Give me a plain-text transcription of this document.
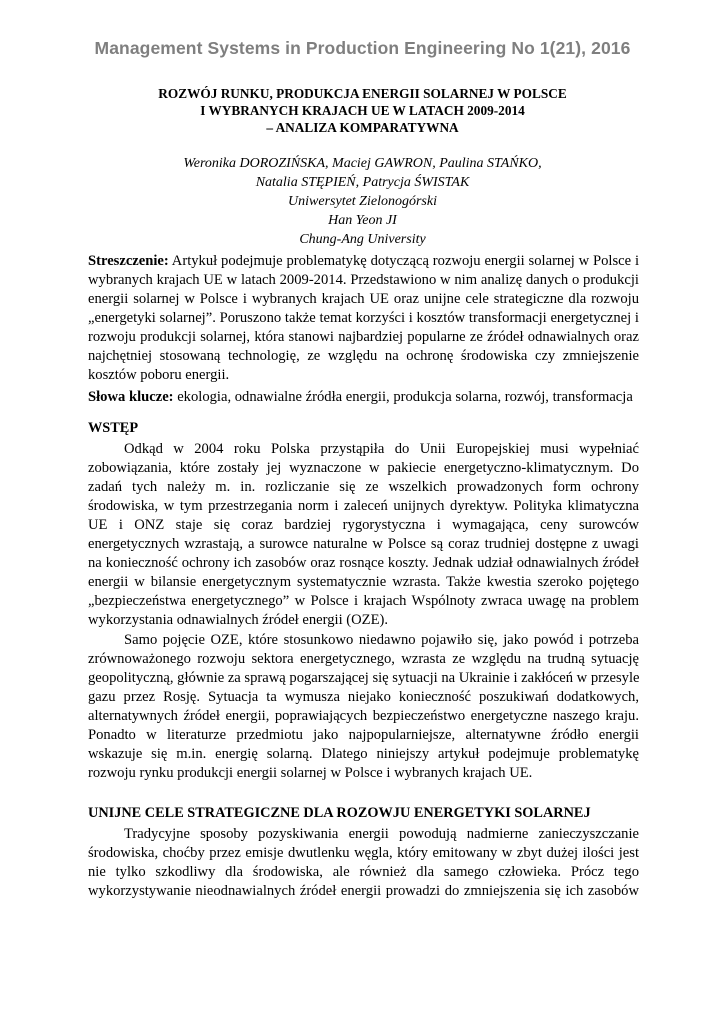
Management Systems in Production Engineering No 1(21), 2016
ROZWÓJ RUNKU, PRODUKCJA ENERGII SOLARNEJ W POLSCE
I WYBRANYCH KRAJACH UE W LATACH 2009-2014
– ANALIZA KOMPARATYWNA
Weronika DOROZIŃSKA, Maciej GAWRON, Paulina STAŃKO,
Natalia STĘPIEŃ, Patrycja ŚWISTAK
Uniwersytet Zielonogórski
Han Yeon JI
Chung-Ang University
Streszczenie: Artykuł podejmuje problematykę dotyczącą rozwoju energii solarnej w Polsce i
wybranych krajach UE w latach 2009-2014. Przedstawiono w nim analizę danych o produkcji
energii solarnej w Polsce i wybranych krajach UE oraz unijne cele strategiczne dla rozwoju
„energetyki solarnej”. Poruszono także temat korzyści i kosztów transformacji energetycznej i
rozwoju produkcji solarnej, która stanowi najbardziej popularne ze źródeł odnawialnych oraz
najchętniej stosowaną technologię, ze względu na ochronę środowiska czy zmniejszenie
kosztów poboru energii.
Słowa klucze: ekologia, odnawialne źródła energii, produkcja solarna, rozwój, transformacja
WSTĘP
Odkąd w 2004 roku Polska przystąpiła do Unii Europejskiej musi wypełniać
zobowiązania, które zostały jej wyznaczone w pakiecie energetyczno-klimatycznym. Do
zadań tych należy m. in. rozliczanie się ze wszelkich prowadzonych form ochrony
środowiska, w tym przestrzegania norm i zaleceń unijnych dyrektyw. Polityka klimatyczna
UE i ONZ staje się coraz bardziej rygorystyczna i wymagająca, ceny surowców
energetycznych wzrastają, a surowce naturalne w Polsce są coraz trudniej dostępne z uwagi
na konieczność ochrony ich zasobów oraz rosnące koszty. Jednak udział odnawialnych źródeł
energii w bilansie energetycznym systematycznie wzrasta. Także kwestia szeroko pojętego
„bezpieczeństwa energetycznego” w Polsce i krajach Wspólnoty zwraca uwagę na problem
wykorzystania odnawialnych źródeł energii (OZE).
Samo pojęcie OZE, które stosunkowo niedawno pojawiło się, jako powód i potrzeba
zrównoważonego rozwoju sektora energetycznego, wzrasta ze względu na trudną sytuację
geopolityczną, głównie za sprawą pogarszającej się sytuacji na Ukrainie i zakłóceń w przesyle
gazu przez Rosję. Sytuacja ta wymusza niejako konieczność poszukiwań dodatkowych,
alternatywnych źródeł energii, poprawiających bezpieczeństwo energetyczne naszego kraju.
Ponadto w literaturze przedmiotu jako najpopularniejsze, alternatywne źródło energii
wskazuje się m.in. energię solarną. Dlatego niniejszy artykuł podejmuje problematykę
rozwoju rynku produkcji energii solarnej w Polsce i wybranych krajach UE.
UNIJNE CELE STRATEGICZNE DLA ROZOWJU ENERGETYKI SOLARNEJ
Tradycyjne sposoby pozyskiwania energii powodują nadmierne zanieczyszczanie
środowiska, choćby przez emisje dwutlenku węgla, który emitowany w zbyt dużej ilości jest
nie tylko szkodliwy dla środowiska, ale również dla samego człowieka. Prócz tego
wykorzystywanie nieodnawialnych źródeł energii prowadzi do zmniejszenia się ich zasobów
